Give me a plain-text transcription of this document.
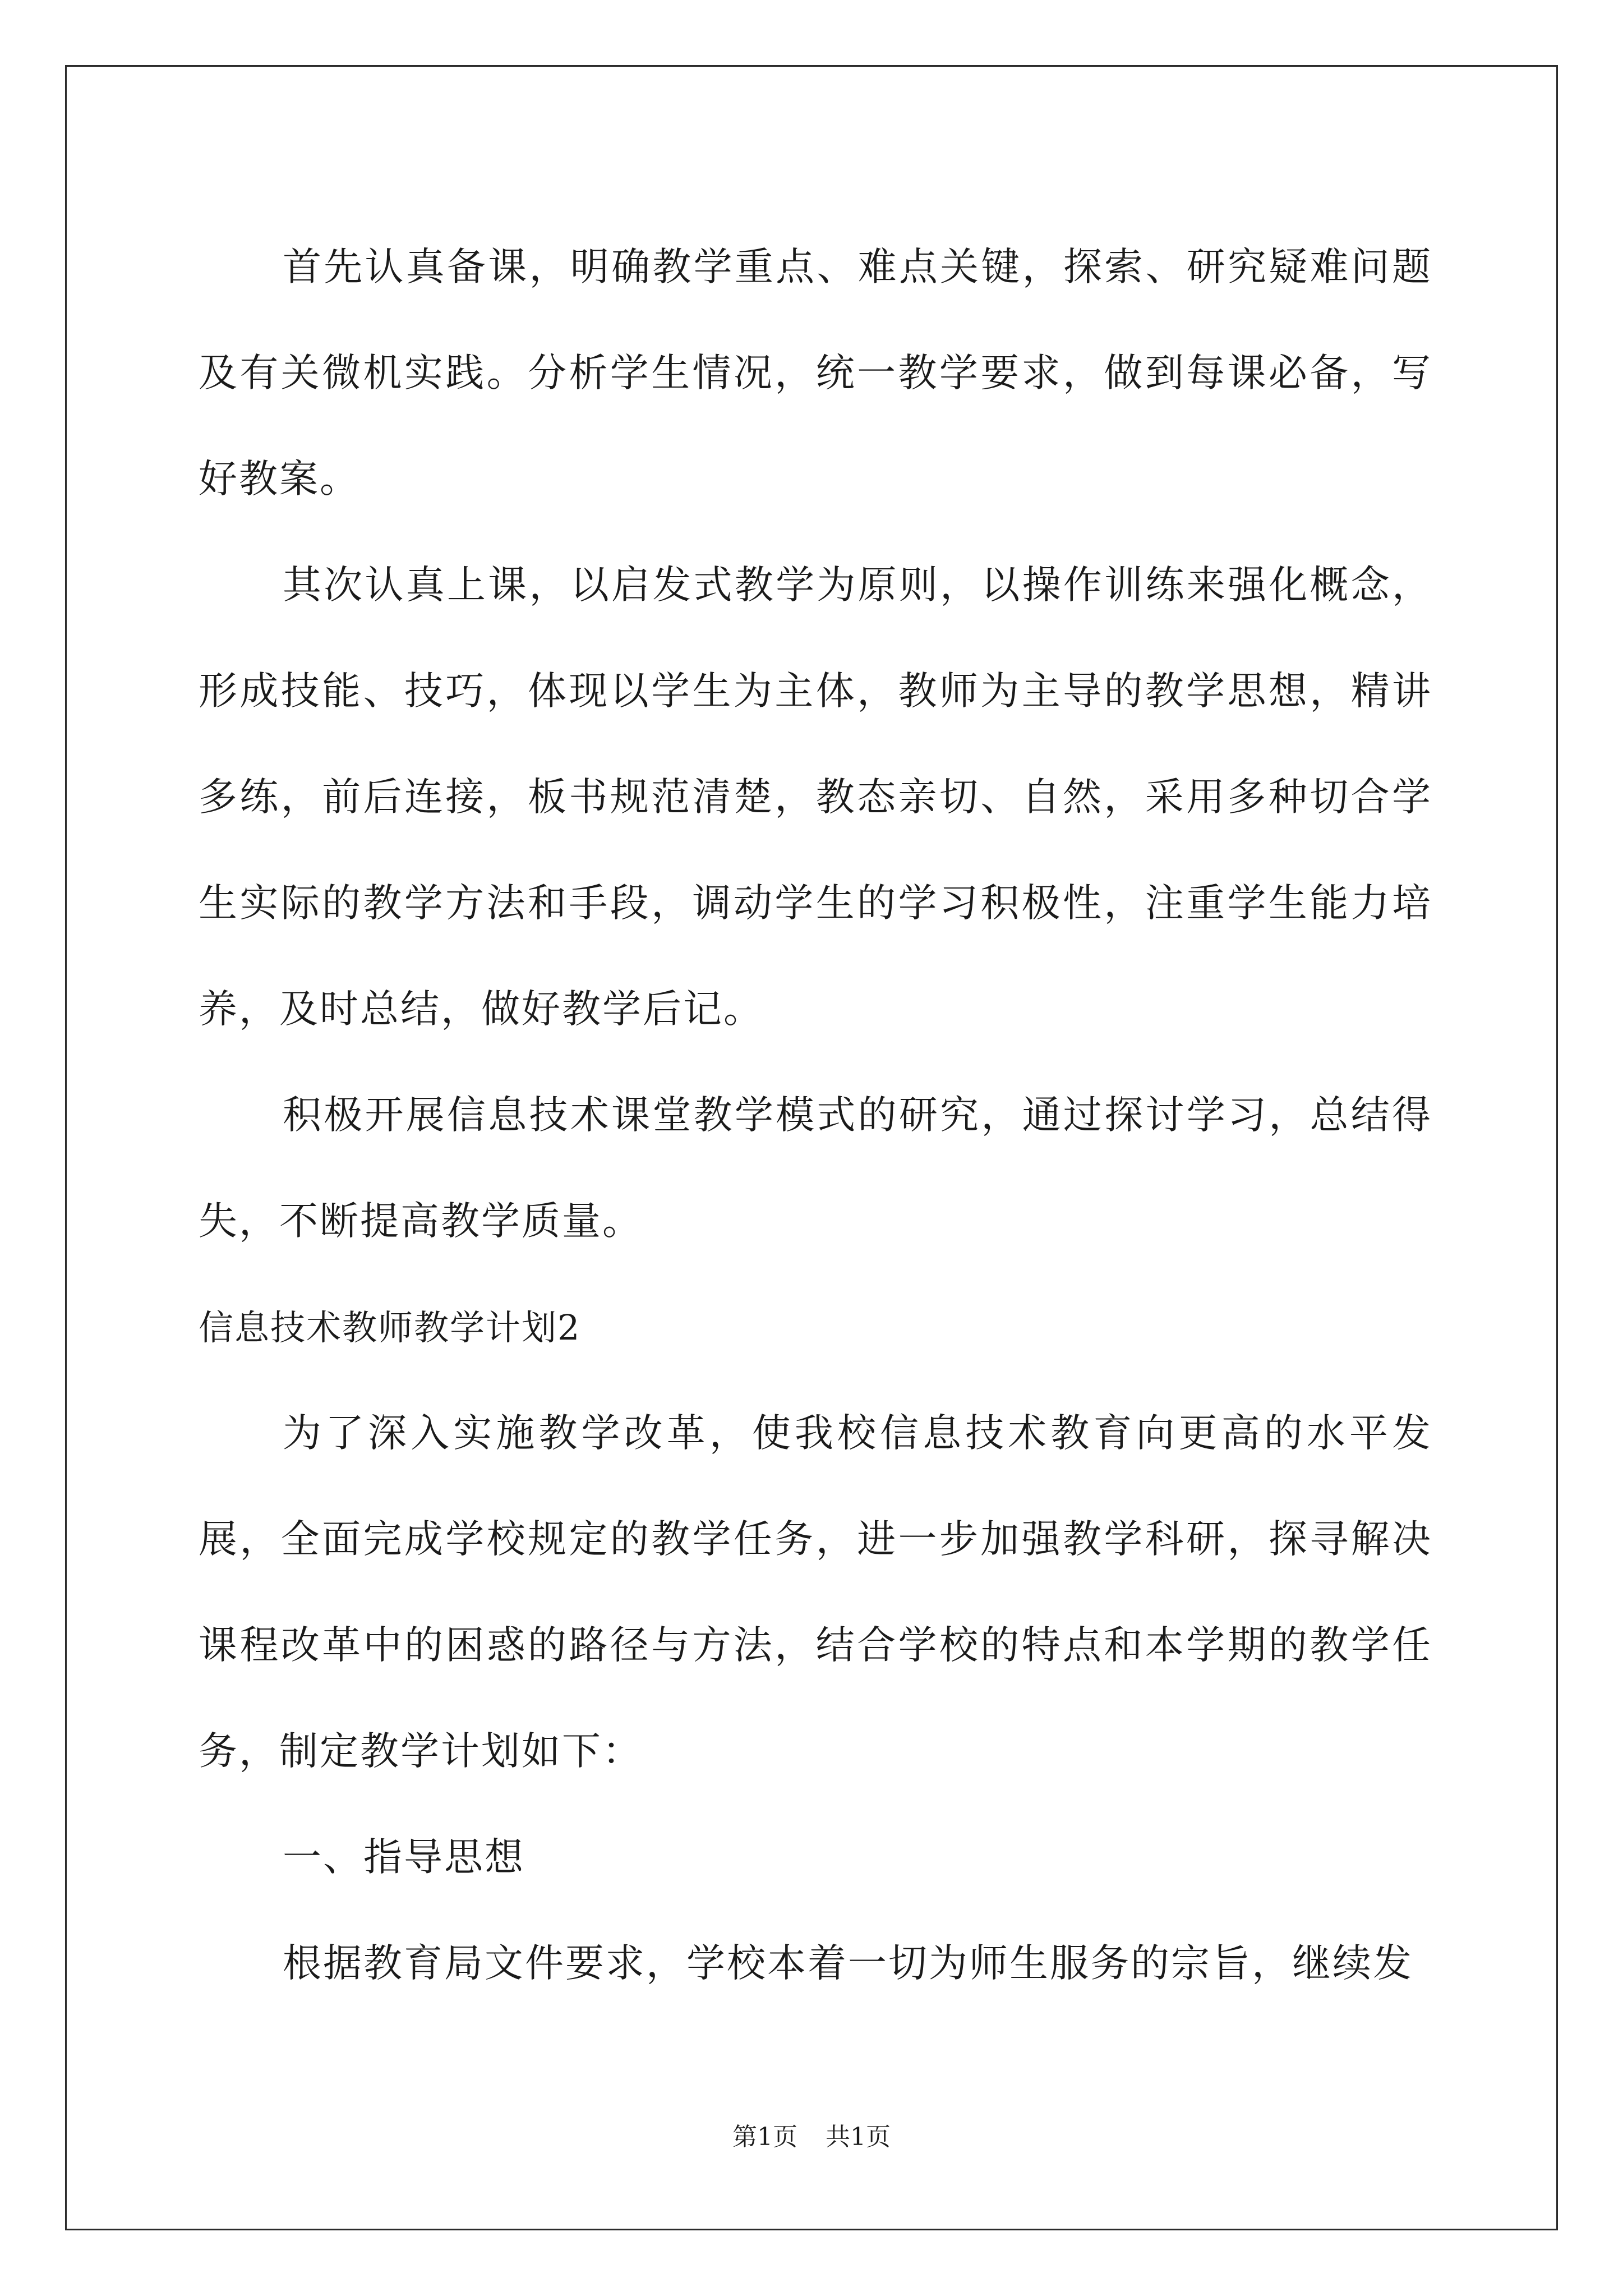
首先认真备课，明确教学重点、难点关键，探索、研究疑难问题及有关微机实践。分析学生情况，统一教学要求，做到每课必备，写好教案。

其次认真上课，以启发式教学为原则，以操作训练来强化概念，形成技能、技巧，体现以学生为主体，教师为主导的教学思想，精讲多练，前后连接，板书规范清楚，教态亲切、自然，采用多种切合学生实际的教学方法和手段，调动学生的学习积极性，注重学生能力培养，及时总结，做好教学后记。

积极开展信息技术课堂教学模式的研究，通过探讨学习，总结得失，不断提高教学质量。

信息技术教师教学计划2

为了深入实施教学改革，使我校信息技术教育向更高的水平发展，全面完成学校规定的教学任务，进一步加强教学科研，探寻解决课程改革中的困惑的路径与方法，结合学校的特点和本学期的教学任务，制定教学计划如下：

一、指导思想

根据教育局文件要求，学校本着一切为师生服务的宗旨，继续发

第1页 共1页
